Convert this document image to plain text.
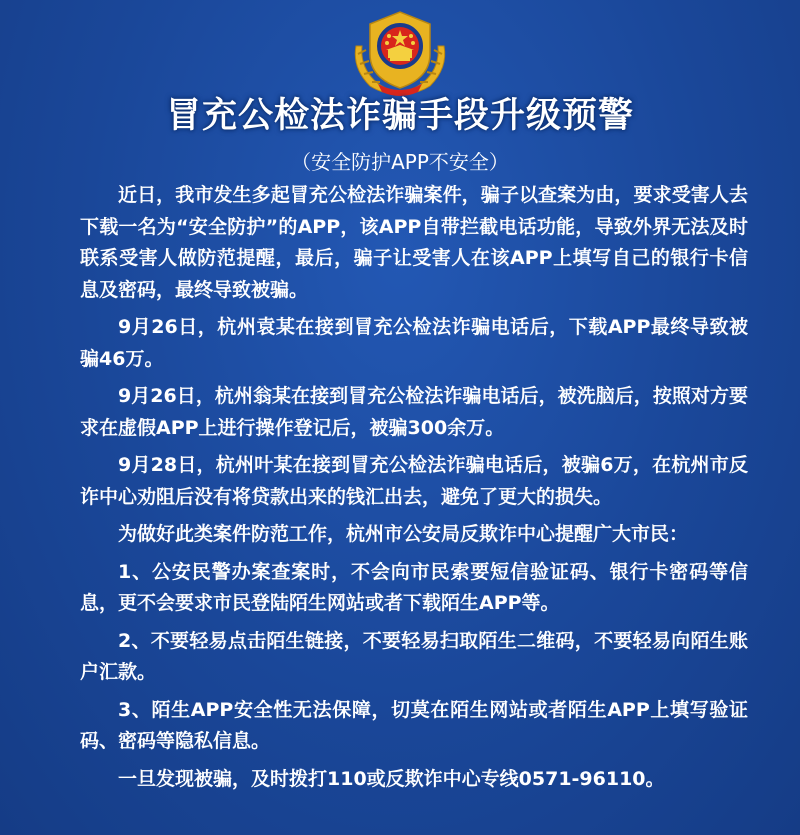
冒充公检法诈骗手段升级预警
（安全防护APP不安全）

近日，我市发生多起冒充公检法诈骗案件，骗子以查案为由，要求受害人去下载一名为“安全防护”的APP，该APP自带拦截电话功能，导致外界无法及时联系受害人做防范提醒，最后，骗子让受害人在该APP上填写自己的银行卡信息及密码，最终导致被骗。

9月26日，杭州袁某在接到冒充公检法诈骗电话后，下载APP最终导致被骗46万。

9月26日，杭州翁某在接到冒充公检法诈骗电话后，被洗脑后，按照对方要求在虚假APP上进行操作登记后，被骗300余万。

9月28日，杭州叶某在接到冒充公检法诈骗电话后，被骗6万，在杭州市反诈中心劝阻后没有将贷款出来的钱汇出去，避免了更大的损失。

为做好此类案件防范工作，杭州市公安局反欺诈中心提醒广大市民：

1、公安民警办案查案时，不会向市民索要短信验证码、银行卡密码等信息，更不会要求市民登陆陌生网站或者下载陌生APP等。

2、不要轻易点击陌生链接，不要轻易扫取陌生二维码，不要轻易向陌生账户汇款。

3、陌生APP安全性无法保障，切莫在陌生网站或者陌生APP上填写验证码、密码等隐私信息。

一旦发现被骗，及时拨打110或反欺诈中心专线0571-96110。
